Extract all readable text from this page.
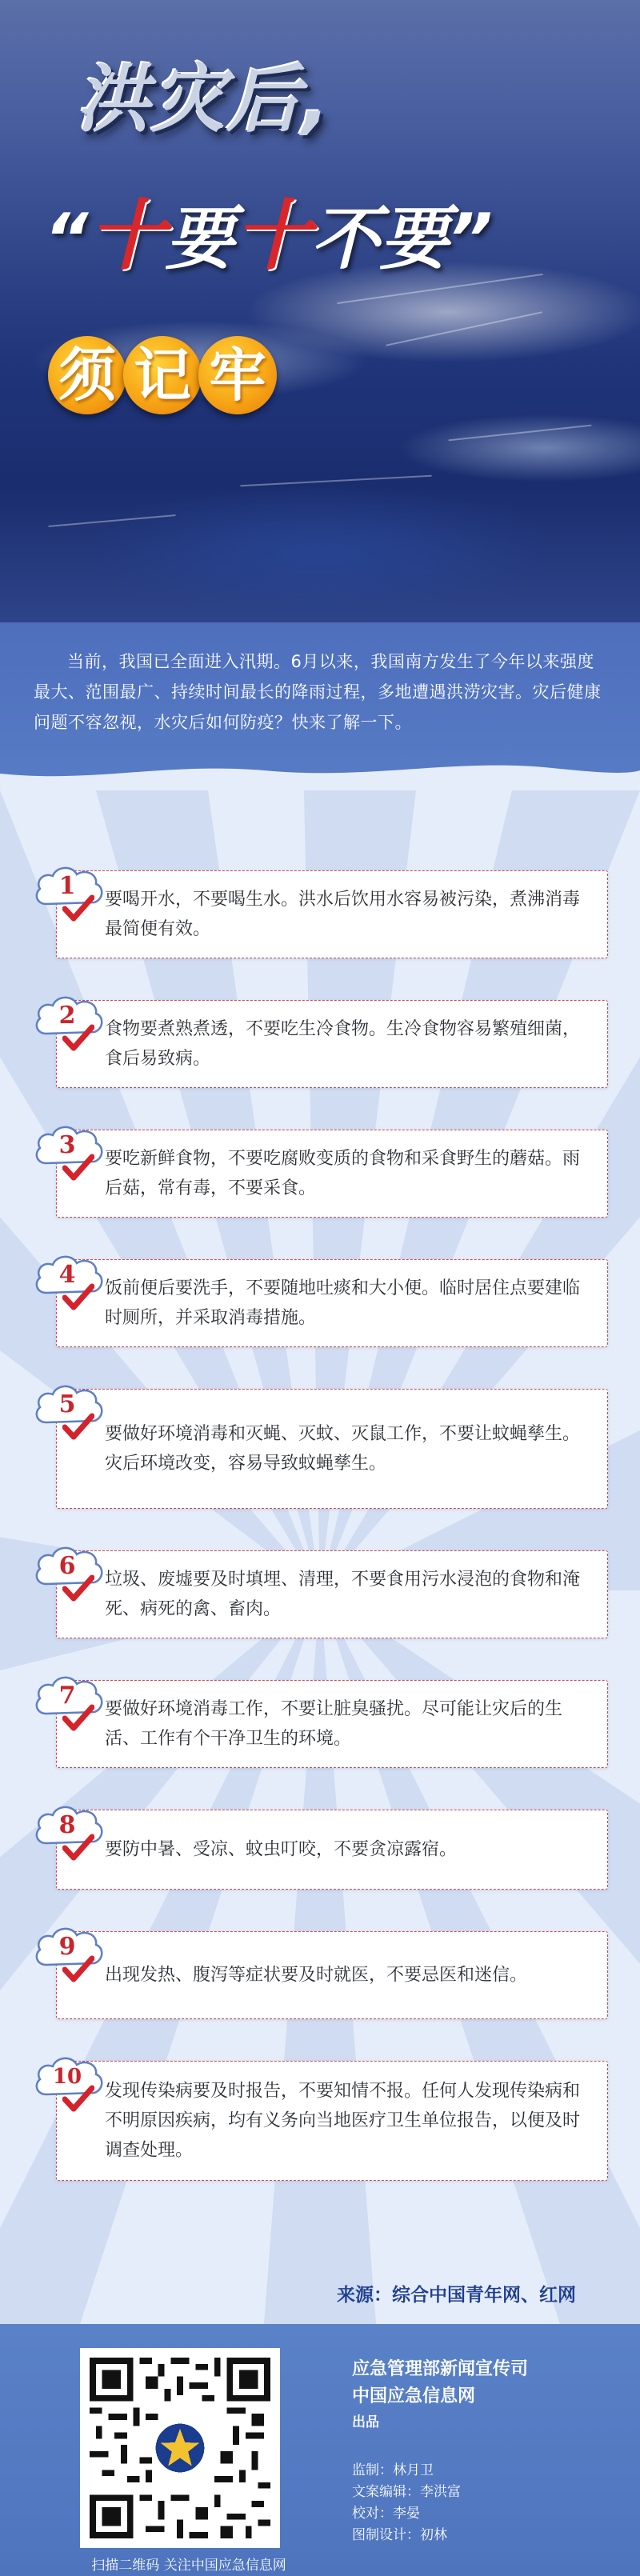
洪灾后,
“十要十不要”
须 记 牢

当前，我国已全面进入汛期。6月以来，我国南方发生了今年以来强度最大、范围最广、持续时间最长的降雨过程，多地遭遇洪涝灾害。灾后健康问题不容忽视，水灾后如何防疫？快来了解一下。

要喝开水，不要喝生水。洪水后饮用水容易被污染，煮沸消毒最简便有效。

1

食物要煮熟煮透，不要吃生冷食物。生冷食物容易繁殖细菌，食后易致病。

2

要吃新鲜食物，不要吃腐败变质的食物和采食野生的蘑菇。雨后菇，常有毒，不要采食。

3

饭前便后要洗手，不要随地吐痰和大小便。临时居住点要建临时厕所，并采取消毒措施。

4

要做好环境消毒和灭蝇、灭蚊、灭鼠工作，不要让蚊蝇孳生。灾后环境改变，容易导致蚊蝇孳生。

5

垃圾、废墟要及时填埋、清理，不要食用污水浸泡的食物和淹死、病死的禽、畜肉。

6

要做好环境消毒工作，不要让脏臭骚扰。尽可能让灾后的生活、工作有个干净卫生的环境。

7

要防中暑、受凉、蚊虫叮咬，不要贪凉露宿。

8

出现发热、腹泻等症状要及时就医，不要忌医和迷信。

9

发现传染病要及时报告，不要知情不报。任何人发现传染病和不明原因疾病，均有义务向当地医疗卫生单位报告，以便及时调查处理。

10
来源：综合中国青年网、红网
扫描二维码 关注中国应急信息网
应急管理部新闻宣传司
中国应急信息网
出品
监制：林月卫
文案编辑：李洪富
校对：李晏
图制设计：初林
